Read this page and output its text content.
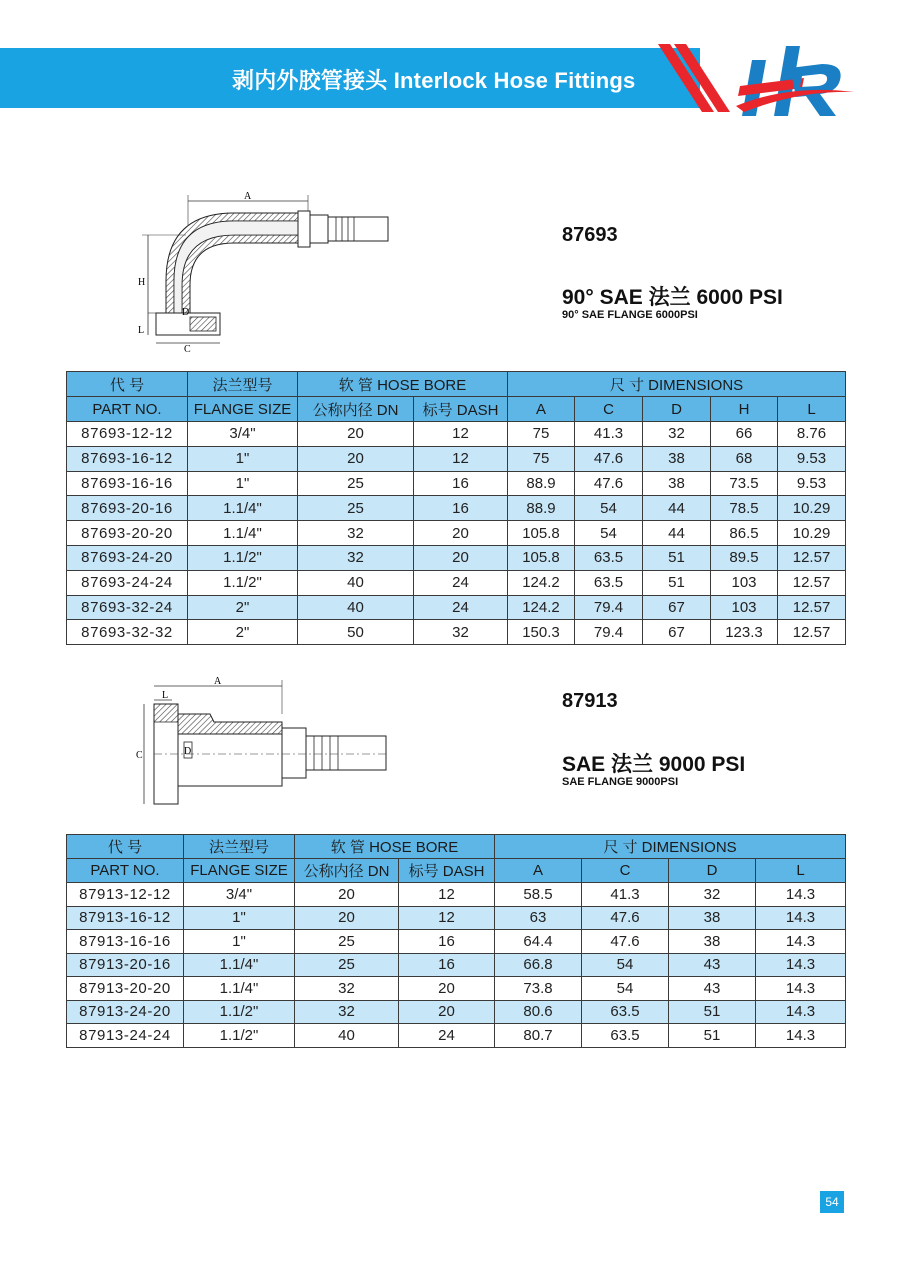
剥内外胶管接头 Interlock Hose Fittings
A
H
L
D
C
87693
90° SAE 法兰 6000 PSI
90° SAE FLANGE 6000PSI
代 号	法兰型号	软 管 HOSE BORE		尺 寸 DIMENSIONS				
PART NO.	FLANGE SIZE	公称内径 DN	标号 DASH	A	C	D	H	L
87693-12-12	3/4"	20	12	75	41.3	32	66	8.76
87693-16-12	1"	20	12	75	47.6	38	68	9.53
87693-16-16	1"	25	16	88.9	47.6	38	73.5	9.53
87693-20-16	1.1/4"	25	16	88.9	54	44	78.5	10.29
87693-20-20	1.1/4"	32	20	105.8	54	44	86.5	10.29
87693-24-20	1.1/2"	32	20	105.8	63.5	51	89.5	12.57
87693-24-24	1.1/2"	40	24	124.2	63.5	51	103	12.57
87693-32-24	2"	40	24	124.2	79.4	67	103	12.57
87693-32-32	2"	50	32	150.3	79.4	67	123.3	12.57
A
L
C	D
87913
SAE 法兰 9000 PSI
SAE FLANGE 9000PSI
代 号	法兰型号	软 管 HOSE BORE		尺 寸 DIMENSIONS			
PART NO.	FLANGE SIZE	公称内径 DN	标号 DASH	A	C	D	L
87913-12-12	3/4"	20	12	58.5	41.3	32	14.3
87913-16-12	1"	20	12	63	47.6	38	14.3
87913-16-16	1"	25	16	64.4	47.6	38	14.3
87913-20-16	1.1/4"	25	16	66.8	54	43	14.3
87913-20-20	1.1/4"	32	20	73.8	54	43	14.3
87913-24-20	1.1/2"	32	20	80.6	63.5	51	14.3
87913-24-24	1.1/2"	40	24	80.7	63.5	51	14.3
54
